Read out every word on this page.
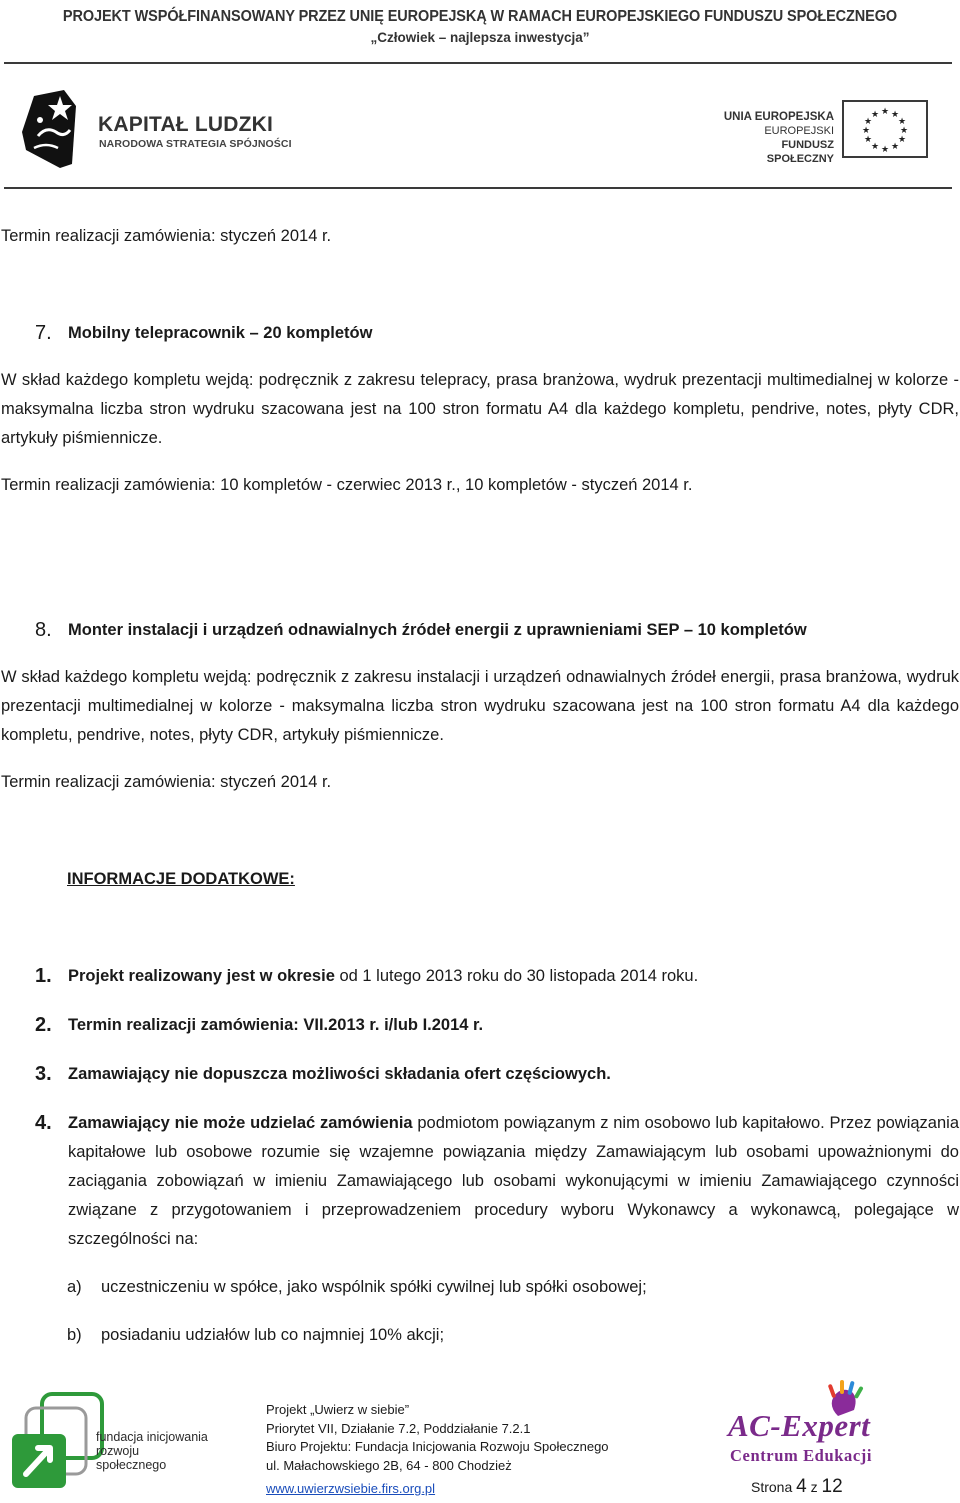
PROJEKT WSPÓŁFINANSOWANY PRZEZ UNIĘ EUROPEJSKĄ W RAMACH EUROPEJSKIEGO FUNDUSZU SPOŁECZNEGO
„Człowiek – najlepsza inwestycja”
KAPITAŁ LUDZKI
NARODOWA STRATEGIA SPÓJNOŚCI
UNIA EUROPEJSKA
EUROPEJSKI
FUNDUSZ SPOŁECZNY
★ ★
★
★
★
★
★
★
★
★
★
★
Termin realizacji zamówienia: styczeń 2014 r.
7. Mobilny telepracownik – 20 kompletów
W skład każdego kompletu wejdą: podręcznik z zakresu telepracy, prasa branżowa, wydruk prezentacji multimedialnej w kolorze - maksymalna liczba stron wydruku szacowana jest na 100 stron formatu A4 dla każdego kompletu, pendrive, notes, płyty CDR, artykuły piśmiennicze.
Termin realizacji zamówienia: 10 kompletów - czerwiec 2013 r., 10 kompletów - styczeń 2014 r.
8. Monter instalacji i urządzeń odnawialnych źródeł energii z uprawnieniami SEP – 10 kompletów
W skład każdego kompletu wejdą: podręcznik z zakresu instalacji i urządzeń odnawialnych źródeł energii, prasa branżowa, wydruk prezentacji multimedialnej w kolorze - maksymalna liczba stron wydruku szacowana jest na 100 stron formatu A4 dla każdego kompletu, pendrive, notes, płyty CDR, artykuły piśmiennicze.
Termin realizacji zamówienia: styczeń 2014 r.
INFORMACJE DODATKOWE:
1. Projekt realizowany jest w okresie od 1 lutego 2013 roku do 30 listopada 2014 roku.
2. Termin realizacji zamówienia: VII.2013 r. i/lub I.2014 r.
3. Zamawiający nie dopuszcza możliwości składania ofert częściowych.
4. Zamawiający nie może udzielać zamówienia podmiotom powiązanym z nim osobowo lub kapitałowo. Przez powiązania kapitałowe lub osobowe rozumie się wzajemne powiązania między Zamawiającym lub osobami upoważnionymi do zaciągania zobowiązań w imieniu Zamawiającego lub osobami wykonującymi w imieniu Zamawiającego czynności związane z przygotowaniem i przeprowadzeniem procedury wyboru Wykonawcy a wykonawcą, polegające w szczególności na:
a) uczestniczeniu w spółce, jako wspólnik spółki cywilnej lub spółki osobowej;
b) posiadaniu udziałów lub co najmniej 10% akcji;
fundacja inicjowania
rozwoju społecznego
Projekt „Uwierz w siebie”
Priorytet VII, Działanie 7.2, Poddziałanie 7.2.1
Biuro Projektu: Fundacja Inicjowania Rozwoju Społecznego
ul. Małachowskiego 2B, 64 - 800 Chodzież
www.uwierzwsiebie.firs.org.pl
AC-Expert
Centrum Edukacji
Strona 4 z 12
